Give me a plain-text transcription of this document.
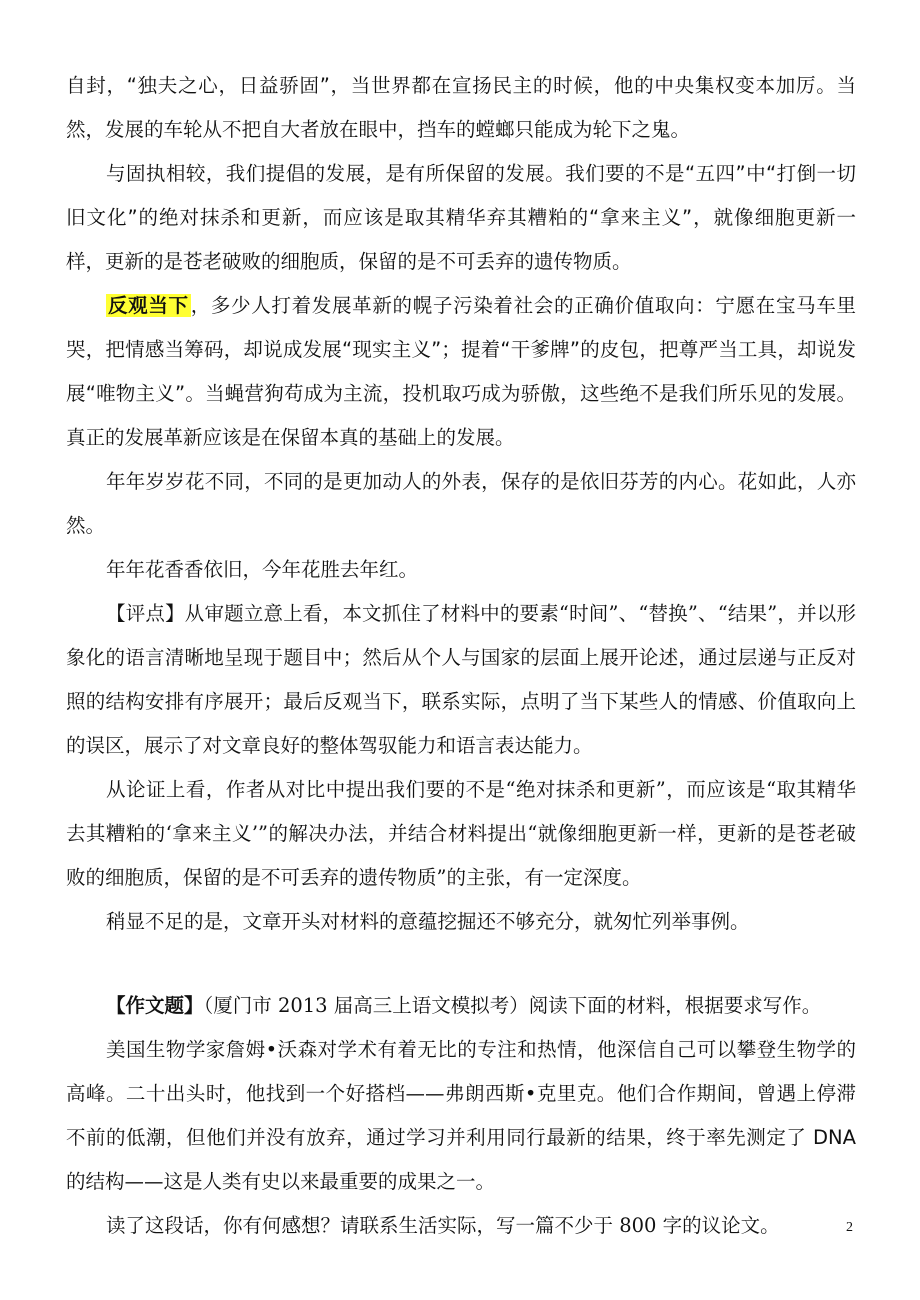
自封，“独夫之心，日益骄固”，当世界都在宣扬民主的时候，他的中央集权变本加厉。当然，发展的车轮从不把自大者放在眼中，挡车的螳螂只能成为轮下之鬼。

与固执相较，我们提倡的发展，是有所保留的发展。我们要的不是“五四”中“打倒一切旧文化”的绝对抹杀和更新，而应该是取其精华弃其糟粕的“拿来主义”，就像细胞更新一样，更新的是苍老破败的细胞质，保留的是不可丢弃的遗传物质。

反观当下 ，多少人打着发展革新的幌子污染着社会的正确价值取向：宁愿在宝马车里哭，把情感当筹码，却说成发展“现实主义”；提着“干爹牌”的皮包，把尊严当工具，却说发展“唯物主义”。当蝇营狗苟成为主流，投机取巧成为骄傲，这些绝不是我们所乐见的发展。真正的发展革新应该是在保留本真的基础上的发展。

年年岁岁花不同，不同的是更加动人的外表，保存的是依旧芬芳的内心。花如此，人亦然。

年年花香香依旧，今年花胜去年红。

【评点】从审题立意上看，本文抓住了材料中的要素“时间”、“替换”、“结果”，并以形象化的语言清晰地呈现于题目中；然后从个人与国家的层面上展开论述，通过层递与正反对照的结构安排有序展开；最后反观当下，联系实际，点明了当下某些人的情感、价值取向上的误区，展示了对文章良好的整体驾驭能力和语言表达能力。

从论证上看，作者从对比中提出我们要的不是“绝对抹杀和更新”，而应该是“取其精华去其糟粕的‘拿来主义’”的解决办法，并结合材料提出“就像细胞更新一样，更新的是苍老破败的细胞质，保留的是不可丢弃的遗传物质”的主张，有一定深度。

稍显不足的是，文章开头对材料的意蕴挖掘还不够充分，就匆忙列举事例。

【作文题】（厦门市 2013 届高三上语文模拟考）阅读下面的材料，根据要求写作。

美国生物学家詹姆•沃森对学术有着无比的专注和热情，他深信自己可以攀登生物学的高峰。二十出头时，他找到一个好搭档——弗朗西斯•克里克。他们合作期间，曾遇上停滞不前的低潮，但他们并没有放弃，通过学习并利用同行最新的结果，终于率先测定了 DNA 的结构——这是人类有史以来最重要的成果之一。

读了这段话，你有何感想？请联系生活实际，写一篇不少于 800 字的议论文。	2
